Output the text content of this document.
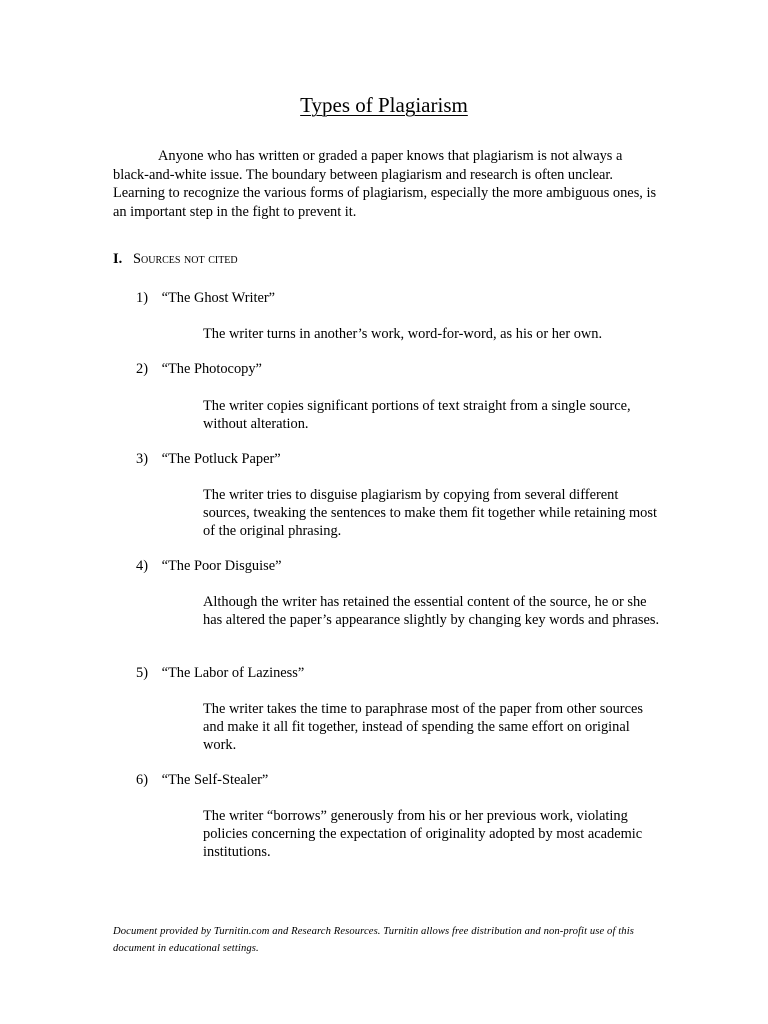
Types of Plagiarism

Anyone who has written or graded a paper knows that plagiarism is not always a black-and-white issue. The boundary between plagiarism and research is often unclear. Learning to recognize the various forms of plagiarism, especially the more ambiguous ones, is an important step in the fight to prevent it.

I. Sources not cited
1) “The Ghost Writer”

The writer turns in another’s work, word-for-word, as his or her own.

2) “The Photocopy”

The writer copies significant portions of text straight from a single source, without alteration.

3) “The Potluck Paper”

The writer tries to disguise plagiarism by copying from several different sources, tweaking the sentences to make them fit together while retaining most of the original phrasing.

4) “The Poor Disguise”

Although the writer has retained the essential content of the source, he or she has altered the paper’s appearance slightly by changing key words and phrases.

5) “The Labor of Laziness”

The writer takes the time to paraphrase most of the paper from other sources and make it all fit together, instead of spending the same effort on original work.

6) “The Self-Stealer”

The writer “borrows” generously from his or her previous work, violating policies concerning the expectation of originality adopted by most academic institutions.

Document provided by Turnitin.com and Research Resources. Turnitin allows free distribution and non-profit use of this document in educational settings.
